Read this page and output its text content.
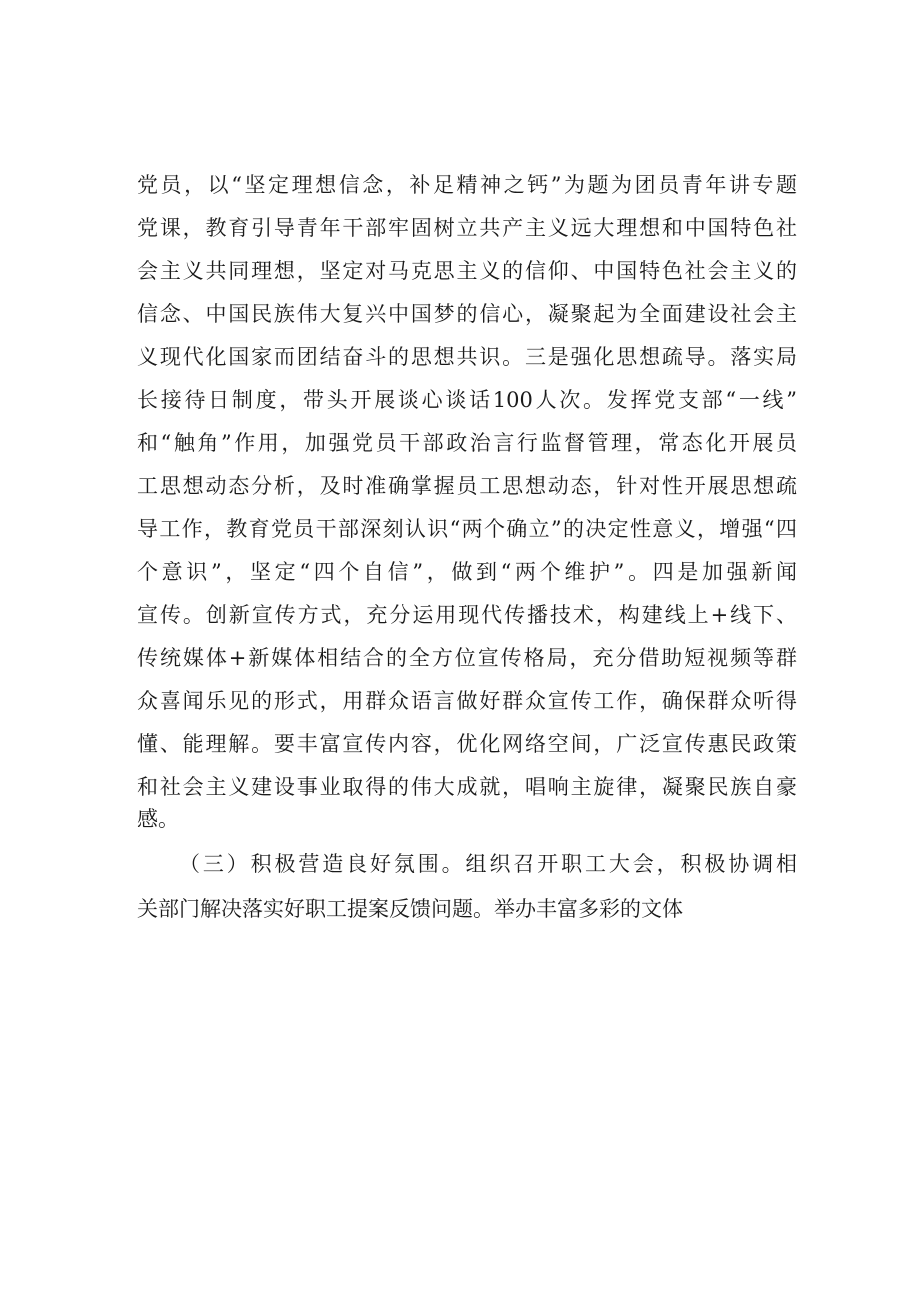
党员，以“坚定理想信念，补足精神之钙”为题为团员青年讲专题
党课，教育引导青年干部牢固树立共产主义远大理想和中国特色社
会主义共同理想，坚定对马克思主义的信仰、中国特色社会主义的
信念、中国民族伟大复兴中国梦的信心，凝聚起为全面建设社会主
义现代化国家而团结奋斗的思想共识。三是强化思想疏导。落实局
长接待日制度，带头开展谈心谈话100人次。发挥党支部“一线”
和“触角”作用，加强党员干部政治言行监督管理，常态化开展员
工思想动态分析，及时准确掌握员工思想动态，针对性开展思想疏
导工作，教育党员干部深刻认识“两个确立”的决定性意义，增强“四
个意识”，坚定“四个自信”，做到“两个维护”。四是加强新闻
宣传。创新宣传方式，充分运用现代传播技术，构建线上+线下、
传统媒体+新媒体相结合的全方位宣传格局，充分借助短视频等群
众喜闻乐见的形式，用群众语言做好群众宣传工作，确保群众听得
懂、能理解。要丰富宣传内容，优化网络空间，广泛宣传惠民政策
和社会主义建设事业取得的伟大成就，唱响主旋律，凝聚民族自豪
感。
（三）积极营造良好氛围。组织召开职工大会，积极协调相
关部门解决落实好职工提案反馈问题。举办丰富多彩的文体
